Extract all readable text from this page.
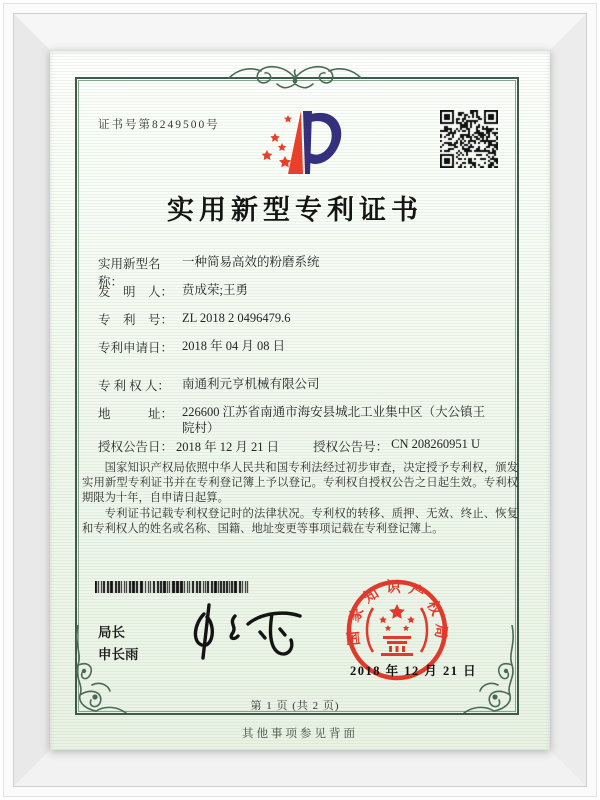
证书号第8249500号
实用新型专利证书
实用新型名称：
一种简易高效的粉磨系统
发　明　人： 贲成荣;王勇
专　利　号： ZL 2018 2 0496479.6
专利申请日： 2018 年 04 月 08 日
专 利 权 人： 南通利元亨机械有限公司
地　　　址： 226600 江苏省南通市海安县城北工业集中区（大公镇王院村）
授权公告日： 2018 年 12 月 21 日	授权公告号： CN 208260951 U

国家知识产权局依照中华人民共和国专利法经过初步审查，决定授予专利权，颁发实用新型专利证书并在专利登记簿上予以登记。专利权自授权公告之日起生效。专利权期限为十年，自申请日起算。

专利证书记载专利权登记时的法律状况。专利权的转移、质押、无效、终止、恢复和专利权人的姓名或名称、国籍、地址变更等事项记载在专利登记簿上。

局长
申长雨
国家知识产权局
2018 年 12 月 21 日
第 1 页 (共 2 页)
其他事项参见背面
